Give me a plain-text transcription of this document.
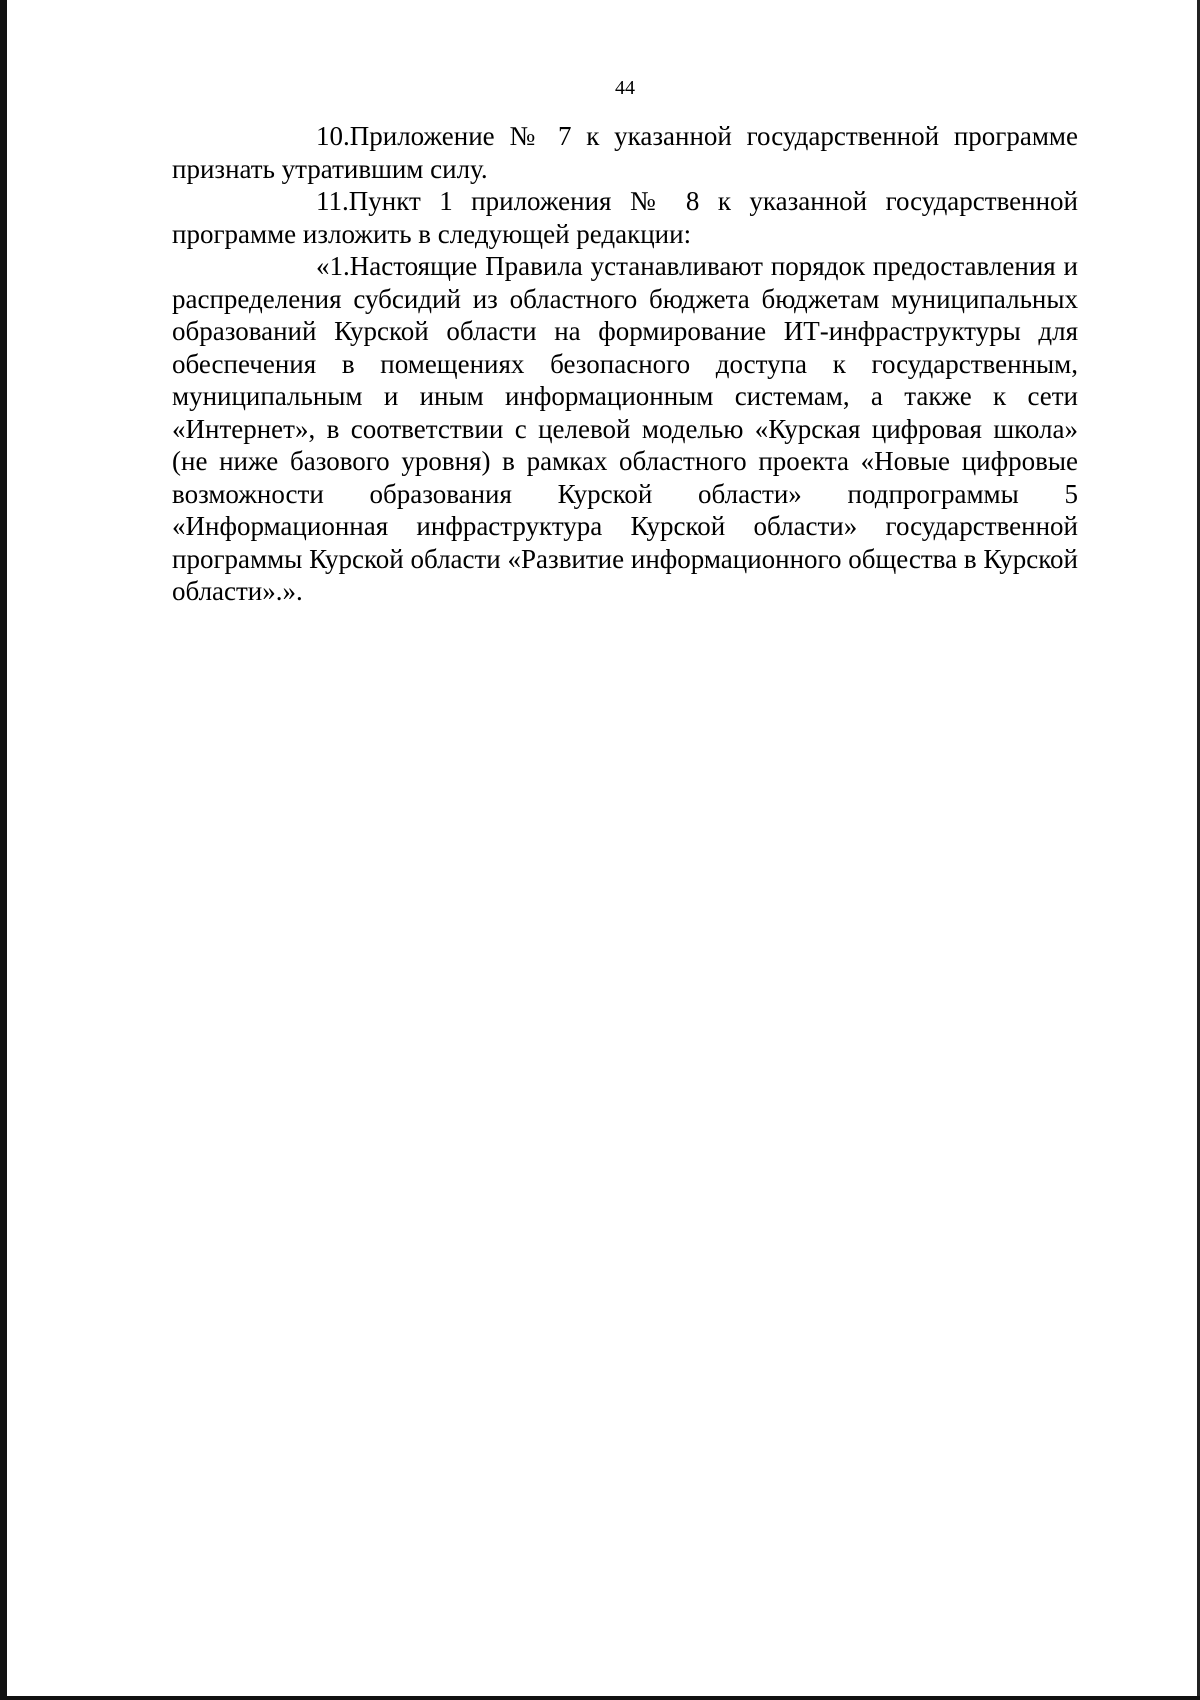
44

10.Приложение № 7 к указанной государственной программе признать утратившим силу.

11.Пункт 1 приложения № 8 к указанной государственной программе изложить в следующей редакции:

«1.Настоящие Правила устанавливают порядок предоставления и распределения субсидий из областного бюджета бюджетам муниципальных образований Курской области на формирование ИТ-инфраструктуры для обеспечения в помещениях безопасного доступа к государственным, муниципальным и иным информационным системам, а также к сети «Интернет», в соответствии с целевой моделью «Курская цифровая школа» (не ниже базового уровня) в рамках областного проекта «Новые цифровые возможности образования Курской области» подпрограммы 5 «Информационная инфраструктура Курской области» государственной программы Курской области «Развитие информационного общества в Курской области».».
